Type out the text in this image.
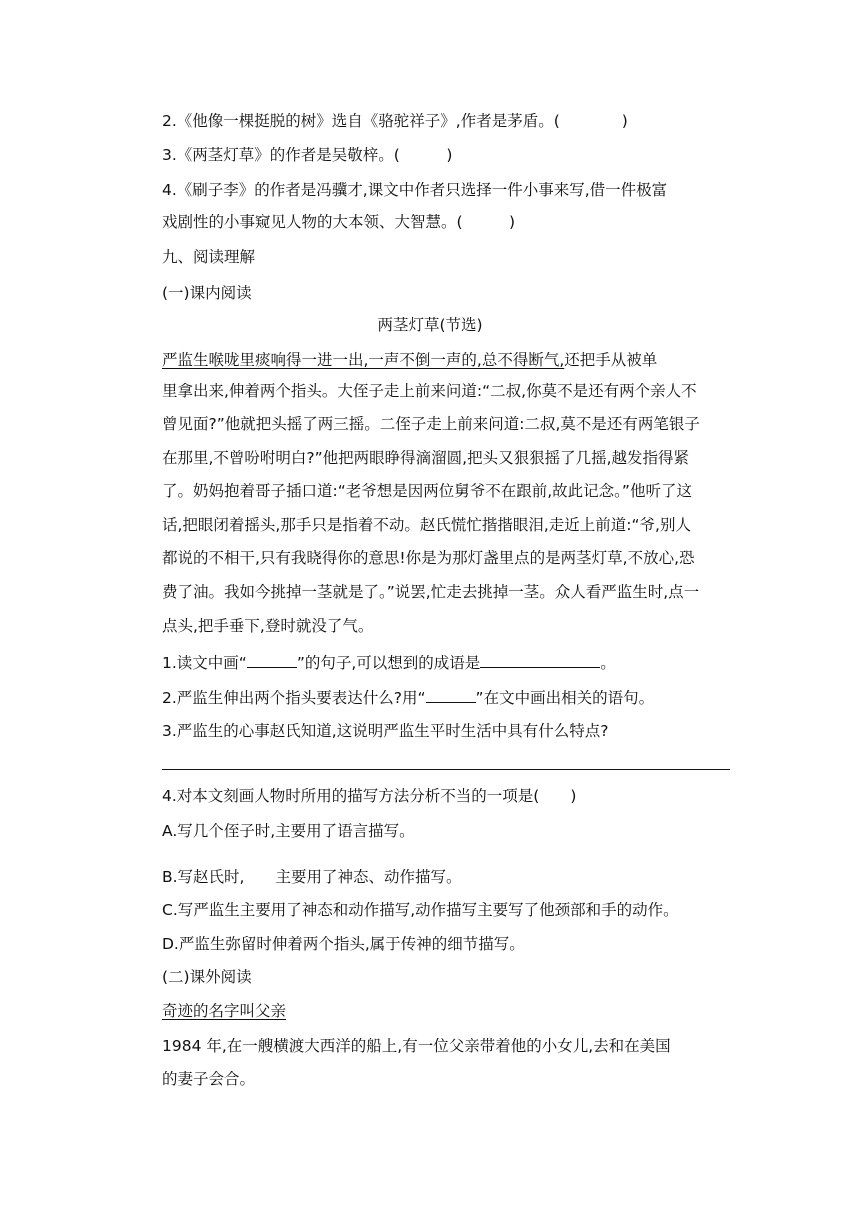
2.《他像一棵挺脱的树》选自《骆驼祥子》,作者是茅盾。(　　　　)
3.《两茎灯草》的作者是吴敬梓。(　　　)
4.《刷子李》的作者是冯骥才,课文中作者只选择一件小事来写,借一件极富
戏剧性的小事窥见人物的大本领、大智慧。(　　　)
九、阅读理解
(一)课内阅读
两茎灯草(节选)
严监生喉咙里痰响得一进一出,一声不倒一声的,总不得断气,还把手从被单
里拿出来,伸着两个指头。大侄子走上前来问道:“二叔,你莫不是还有两个亲人不
曾见面?”他就把头摇了两三摇。二侄子走上前来问道:二叔,莫不是还有两笔银子
在那里,不曾吩咐明白?”他把两眼睁得滴溜圆,把头又狠狠摇了几摇,越发指得紧
了。奶妈抱着哥子插口道:“老爷想是因两位舅爷不在跟前,故此记念。”他听了这
话,把眼闭着摇头,那手只是指着不动。赵氏慌忙揩揩眼泪,走近上前道:“爷,别人
都说的不相干,只有我晓得你的意思!你是为那灯盏里点的是两茎灯草,不放心,恐
费了油。我如今挑掉一茎就是了。”说罢,忙走去挑掉一茎。众人看严监生时,点一
点头,把手垂下,登时就没了气。
1.读文中画“	”的句子,可以想到的成语是	。
2.严监生伸出两个指头要表达什么?用“	”在文中画出相关的语句。
3.严监生的心事赵氏知道,这说明严监生平时生活中具有什么特点?
4.对本文刻画人物时所用的描写方法分析不当的一项是(　　)
A.写几个侄子时,主要用了语言描写。
B.写赵氏时,　　主要用了神态、动作描写。
C.写严监生主要用了神态和动作描写,动作描写主要写了他颈部和手的动作。
D.严监生弥留时伸着两个指头,属于传神的细节描写。
(二)课外阅读
奇迹的名字叫父亲
1984 年,在一艘横渡大西洋的船上,有一位父亲带着他的小女儿,去和在美国
的妻子会合。
